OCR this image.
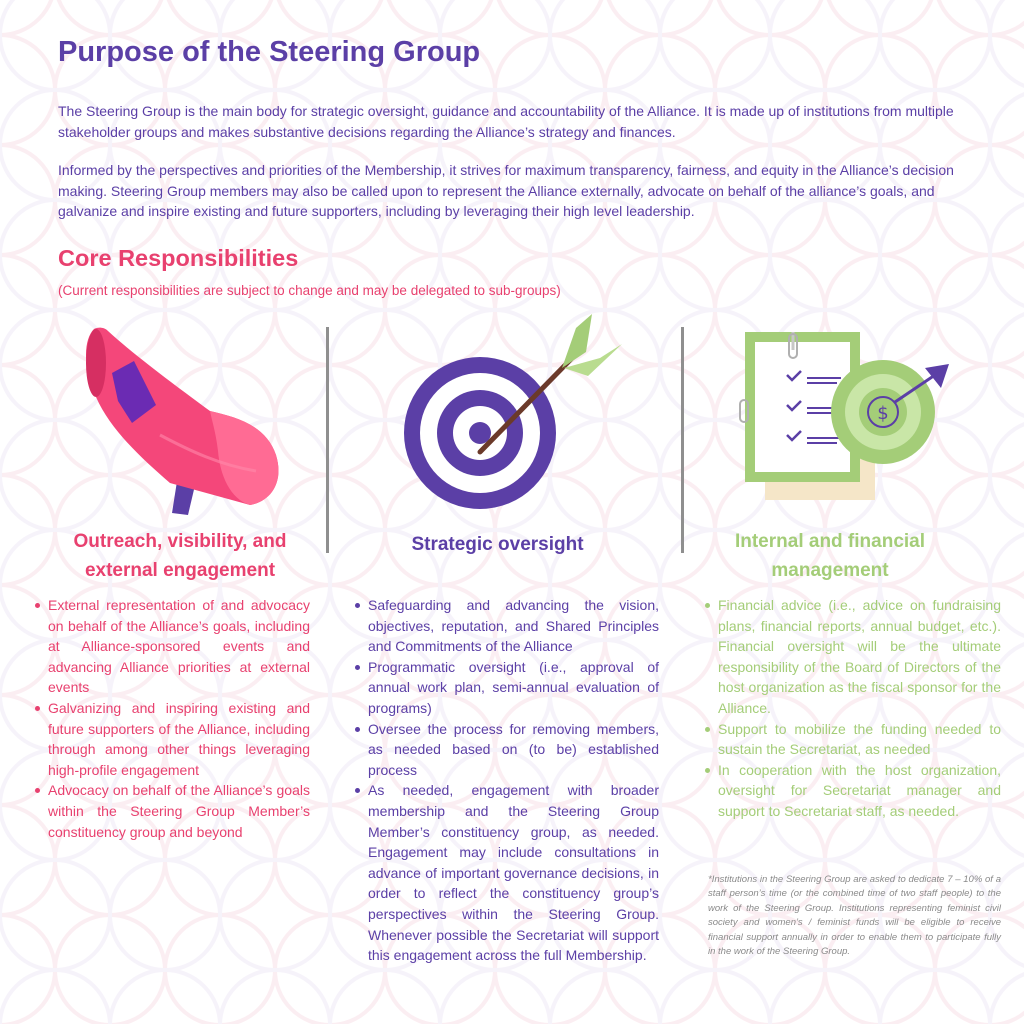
Purpose of the Steering Group

The Steering Group is the main body for strategic oversight, guidance and accountability of the Alliance. It is made up of institutions from multiple stakeholder groups and makes substantive decisions regarding the Alliance’s strategy and finances.

Informed by the perspectives and priorities of the Membership, it strives for maximum transparency, fairness, and equity in the Alliance’s decision making. Steering Group members may also be called upon to represent the Alliance externally, advocate on behalf of the alliance’s goals, and galvanize and inspire existing and future supporters, including by leveraging their high level leadership.

Core Responsibilities

(Current responsibilities are subject to change and may be delegated to sub-groups)

$
Outreach, visibility, and external engagement
Strategic oversight	Internal and financial management
External representation of and advocacy on behalf of the Alliance’s goals, including at Alliance-sponsored events and advancing Alliance priorities at external events
Galvanizing and inspiring existing and future supporters of the Alliance, including through among other things leveraging high-profile engagement
Advocacy on behalf of the Alliance’s goals within the Steering Group Member’s constituency group and beyond
Safeguarding and advancing the vision, objectives, reputation, and Shared Principles and Commitments of the Alliance
Programmatic oversight (i.e., approval of annual work plan, semi-annual evaluation of programs)
Oversee the process for removing members, as needed based on (to be) established process
As needed, engagement with broader membership and the Steering Group Member’s constituency group, as needed. Engagement may include consultations in advance of important governance decisions, in order to reflect the constituency group’s perspectives within the Steering Group. Whenever possible the Secretariat will support this engagement across the full Membership.
Financial advice (i.e., advice on fundraising plans, financial reports, annual budget, etc.). Financial oversight will be the ultimate responsibility of the Board of Directors of the host organization as the fiscal sponsor for the Alliance.
Support to mobilize the funding needed to sustain the Secretariat, as needed
In cooperation with the host organization, oversight for Secretariat manager and support to Secretariat staff, as needed.

*Institutions in the Steering Group are asked to dedicate 7 – 10% of a staff person’s time (or the combined time of two staff people) to the work of the Steering Group. Institutions representing feminist civil society and women’s / feminist funds will be eligible to receive financial support annually in order to enable them to participate fully in the work of the Steering Group.
